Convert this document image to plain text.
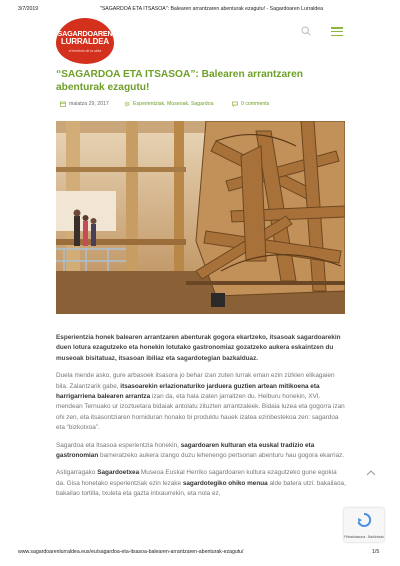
3/7/2019	"SAGARDOA ETA ITSASOA": Balearen arrantzaren abenturak ezagutu! - Sagardoaren Lurraldea
SAGARDOAREN
LURRALDEA
el territorio de la sidra
“SAGARDOA ETA ITSASOA”: Balearen arrantzaren abenturak ezagutu!
maiatza 29, 2017	Esperientziak, Museoak, Sagardoa	0 comments

Esperientzia honek balearen arrantzaren abenturak gogora ekartzeko, itsasoak sagardoarekin duen lotura ezagutzeko eta honekin lotutako gastronomiaz gozatzeko aukera eskaintzen du museoak bisitatuaz, itsasoan ibiliaz eta sagardotegian bazkalduaz.

Duela mende asko, gure arbasoek itsasora jo behar izan zuten lurrak eman ezin zizkien elikagaien bila. Zalantzarik gabe, itsasoarekin erlazionaturiko jarduera guztien artean mitikoena eta harrigarriena balearen arrantza izan da, eta hala izaten jarraitzen du. Helburu honekin, XVI. mendean Ternuako ur izoztuetara bidaiak antolatu zituzten arrantzaleek. Bidaia luzea eta gogorra izan ohi zen, eta itsasontziaren horniduran honako bi produktu hauek izatea ezinbestekoa zen: sagardoa eta “bizkotxoa”.

Sagardoa eta Itsasoa esperientzia honekin, sagardoaren kulturan eta euskal tradizio eta gastronomian barneratzeko aukera izango duzu lehenengo pertsonan abenturu hau gogora ekarriaz.

Astigarragako Sagardoetxea Museoa Euskal Herriko sagardoaren kultura ezagutzeko gune egokia da. Gisa honetako esperientziak ezin lezake sagardotegiko ohiko menua alde batera utzi: bakailaoa, bakailao tortilla, txuleta eta gazta intxaurrekin, eta nola ez,

Pribatutasuna - Baldintzak
www.sagardoarenlurraldea.eus/eu/sagardoa-eta-itsasoa-balearen-arrantzaren-abenturak-ezagutu/	1/5
